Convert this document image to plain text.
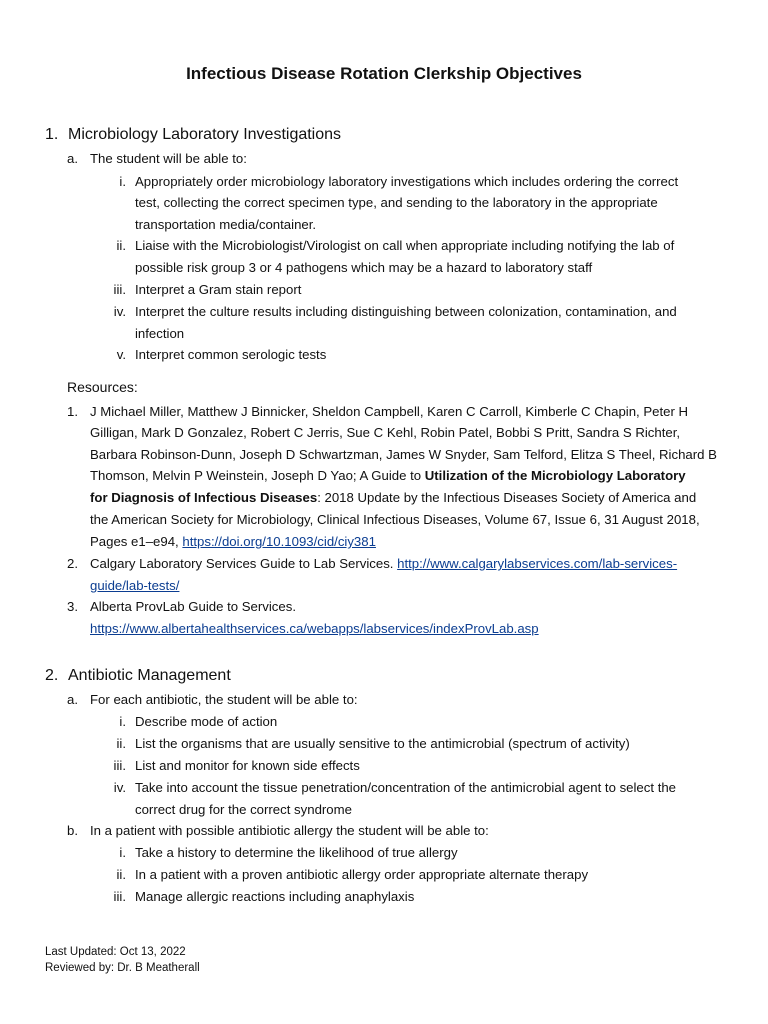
Infectious Disease Rotation Clerkship Objectives
1. Microbiology Laboratory Investigations
a. The student will be able to:
i. Appropriately order microbiology laboratory investigations which includes ordering the correct
test, collecting the correct specimen type, and sending to the laboratory in the appropriate
transportation media/container.
ii. Liaise with the Microbiologist/Virologist on call when appropriate including notifying the lab of
possible risk group 3 or 4 pathogens which may be a hazard to laboratory staff
iii. Interpret a Gram stain report
iv. Interpret the culture results including distinguishing between colonization, contamination, and
infection
v. Interpret common serologic tests
Resources:
1. J Michael Miller, Matthew J Binnicker, Sheldon Campbell, Karen C Carroll, Kimberle C Chapin, Peter H
Gilligan, Mark D Gonzalez, Robert C Jerris, Sue C Kehl, Robin Patel, Bobbi S Pritt, Sandra S Richter,
Barbara Robinson-Dunn, Joseph D Schwartzman, James W Snyder, Sam Telford, Elitza S Theel, Richard B
Thomson, Melvin P Weinstein, Joseph D Yao; A Guide to Utilization of the Microbiology Laboratory
for Diagnosis of Infectious Diseases: 2018 Update by the Infectious Diseases Society of America and
the American Society for Microbiology, Clinical Infectious Diseases, Volume 67, Issue 6, 31 August 2018,
Pages e1–e94, https://doi.org/10.1093/cid/ciy381
2. Calgary Laboratory Services Guide to Lab Services. http://www.calgarylabservices.com/lab-services-
guide/lab-tests/
3. Alberta ProvLab Guide to Services.
https://www.albertahealthservices.ca/webapps/labservices/indexProvLab.asp
2. Antibiotic Management
a. For each antibiotic, the student will be able to:
i. Describe mode of action
ii. List the organisms that are usually sensitive to the antimicrobial (spectrum of activity)
iii. List and monitor for known side effects
iv. Take into account the tissue penetration/concentration of the antimicrobial agent to select the
correct drug for the correct syndrome
b. In a patient with possible antibiotic allergy the student will be able to:
i. Take a history to determine the likelihood of true allergy
ii. In a patient with a proven antibiotic allergy order appropriate alternate therapy
iii. Manage allergic reactions including anaphylaxis
Last Updated: Oct 13, 2022
Reviewed by: Dr. B Meatherall
